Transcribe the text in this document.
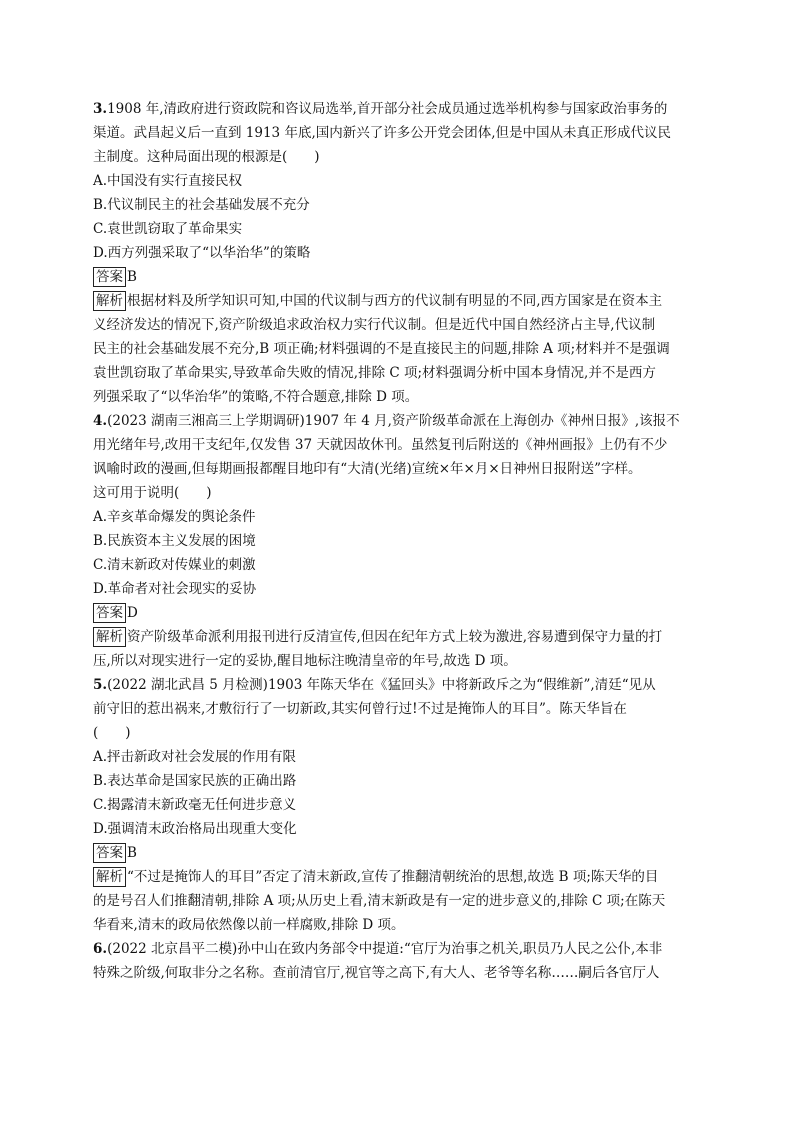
3.1908 年,清政府进行资政院和咨议局选举,首开部分社会成员通过选举机构参与国家政治事务的
渠道。武昌起义后一直到 1913 年底,国内新兴了许多公开党会团体,但是中国从未真正形成代议民
主制度。这种局面出现的根源是(　　)
A.中国没有实行直接民权
B.代议制民主的社会基础发展不充分
C.袁世凯窃取了革命果实
D.西方列强采取了“以华治华”的策略
答案 B
解析 根据材料及所学知识可知,中国的代议制与西方的代议制有明显的不同,西方国家是在资本主
义经济发达的情况下,资产阶级追求政治权力实行代议制。但是近代中国自然经济占主导,代议制
民主的社会基础发展不充分,B 项正确;材料强调的不是直接民主的问题,排除 A 项;材料并不是强调
袁世凯窃取了革命果实,导致革命失败的情况,排除 C 项;材料强调分析中国本身情况,并不是西方
列强采取了“以华治华”的策略,不符合题意,排除 D 项。
4.(2023 湖南三湘高三上学期调研)1907 年 4 月,资产阶级革命派在上海创办《神州日报》,该报不
用光绪年号,改用干支纪年,仅发售 37 天就因故休刊。虽然复刊后附送的《神州画报》上仍有不少
讽喻时政的漫画,但每期画报都醒目地印有“大清(光绪)宣统×年×月×日神州日报附送”字样。
这可用于说明(　　)
A.辛亥革命爆发的舆论条件
B.民族资本主义发展的困境
C.清末新政对传媒业的刺激
D.革命者对社会现实的妥协
答案 D
解析 资产阶级革命派利用报刊进行反清宣传,但因在纪年方式上较为激进,容易遭到保守力量的打
压,所以对现实进行一定的妥协,醒目地标注晚清皇帝的年号,故选 D 项。
5.(2022 湖北武昌 5 月检测)1903 年陈天华在《猛回头》中将新政斥之为“假维新”,清廷“见从
前守旧的惹出祸来,才敷衍行了一切新政,其实何曾行过!不过是掩饰人的耳目”。陈天华旨在
(　　)
A.抨击新政对社会发展的作用有限
B.表达革命是国家民族的正确出路
C.揭露清末新政毫无任何进步意义
D.强调清末政治格局出现重大变化
答案 B
解析 “不过是掩饰人的耳目”否定了清末新政,宣传了推翻清朝统治的思想,故选 B 项;陈天华的目
的是号召人们推翻清朝,排除 A 项;从历史上看,清末新政是有一定的进步意义的,排除 C 项;在陈天
华看来,清末的政局依然像以前一样腐败,排除 D 项。
6.(2022 北京昌平二模)孙中山在致内务部令中提道:“官厅为治事之机关,职员乃人民之公仆,本非
特殊之阶级,何取非分之名称。查前清官厅,视官等之高下,有大人、老爷等名称……嗣后各官厅人
